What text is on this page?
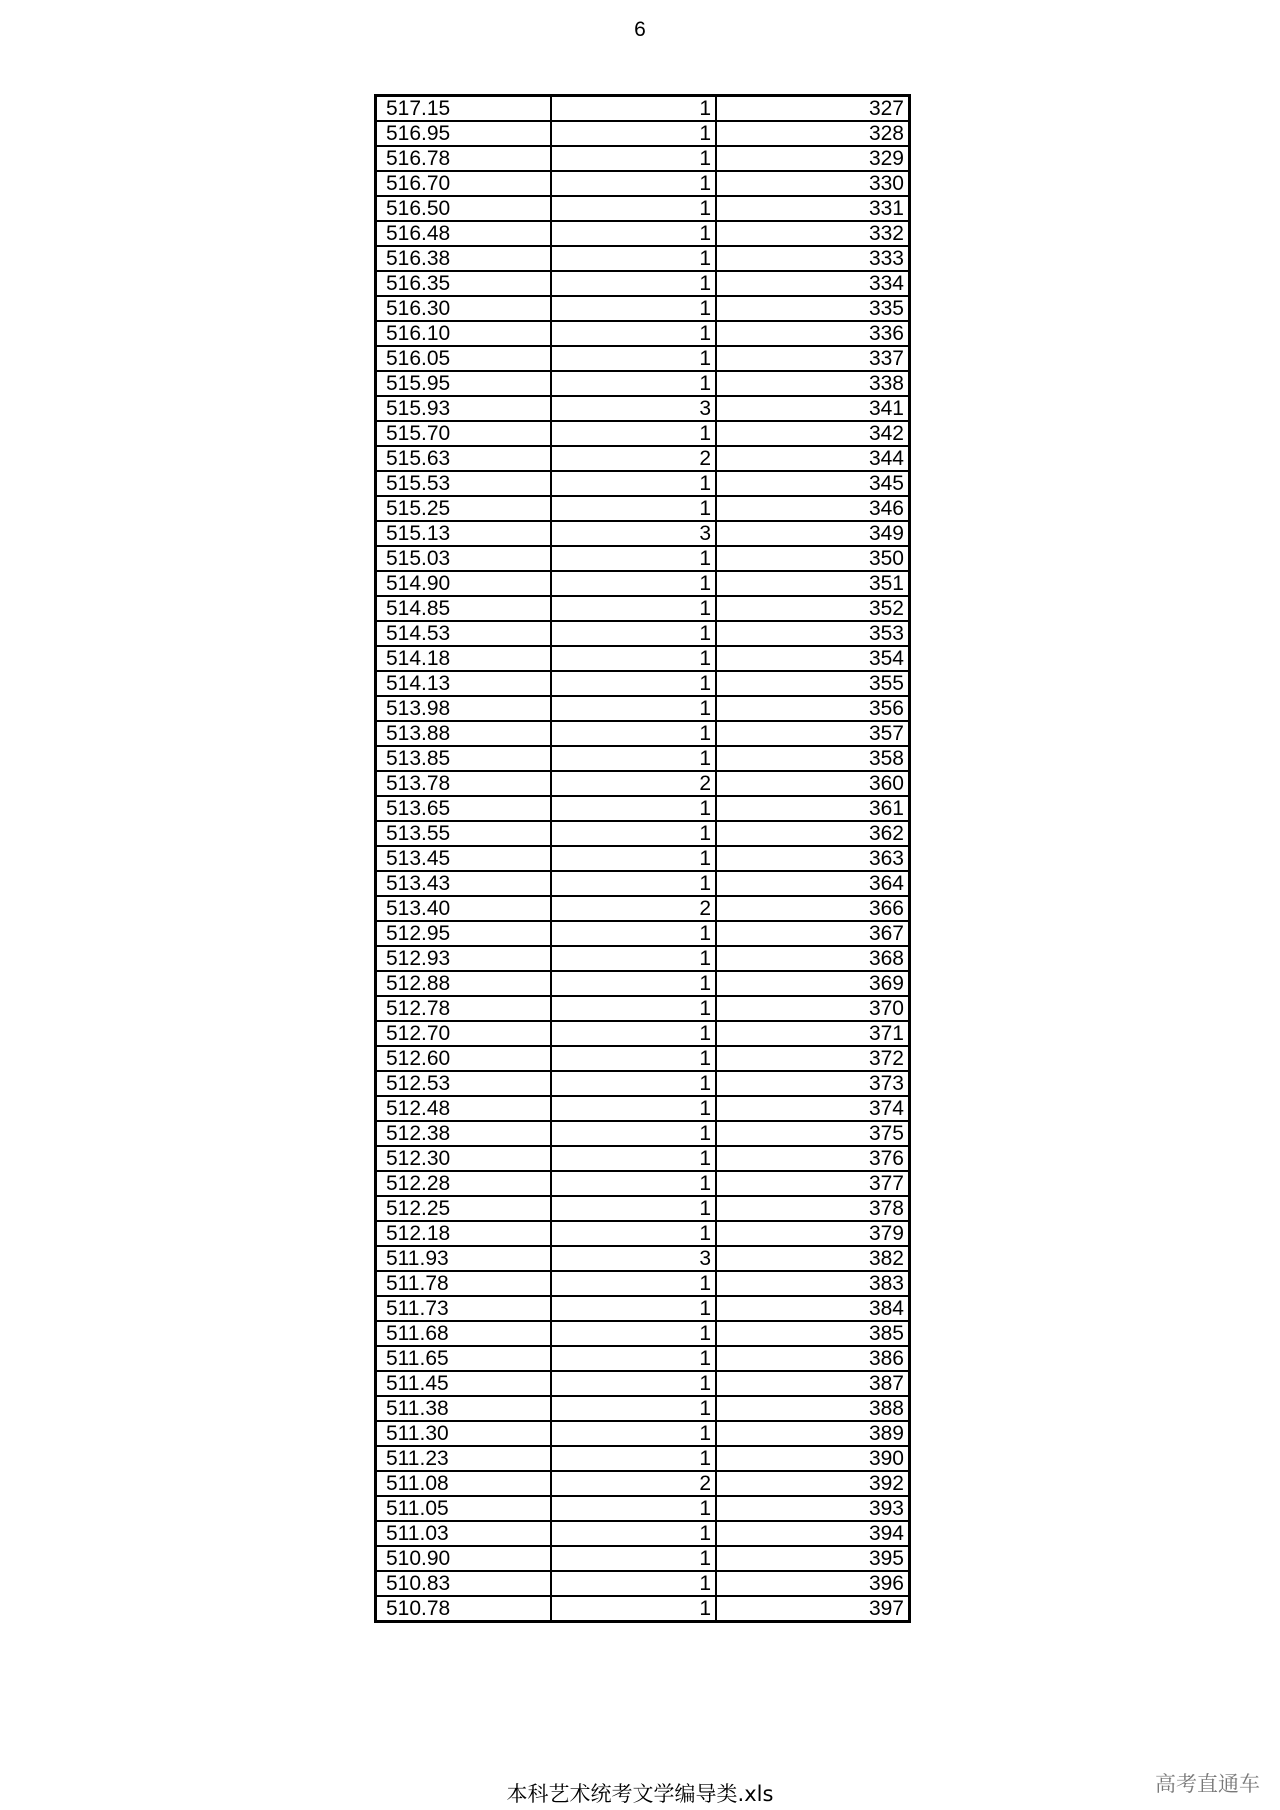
6
517.15	1	327
516.95	1	328
516.78	1	329
516.70	1	330
516.50	1	331
516.48	1	332
516.38	1	333
516.35	1	334
516.30	1	335
516.10	1	336
516.05	1	337
515.95	1	338
515.93	3	341
515.70	1	342
515.63	2	344
515.53	1	345
515.25	1	346
515.13	3	349
515.03	1	350
514.90	1	351
514.85	1	352
514.53	1	353
514.18	1	354
514.13	1	355
513.98	1	356
513.88	1	357
513.85	1	358
513.78	2	360
513.65	1	361
513.55	1	362
513.45	1	363
513.43	1	364
513.40	2	366
512.95	1	367
512.93	1	368
512.88	1	369
512.78	1	370
512.70	1	371
512.60	1	372
512.53	1	373
512.48	1	374
512.38	1	375
512.30	1	376
512.28	1	377
512.25	1	378
512.18	1	379
511.93	3	382
511.78	1	383
511.73	1	384
511.68	1	385
511.65	1	386
511.45	1	387
511.38	1	388
511.30	1	389
511.23	1	390
511.08	2	392
511.05	1	393
511.03	1	394
510.90	1	395
510.83	1	396
510.78	1	397
本科艺术统考文学编导类.xls	高考直通车
